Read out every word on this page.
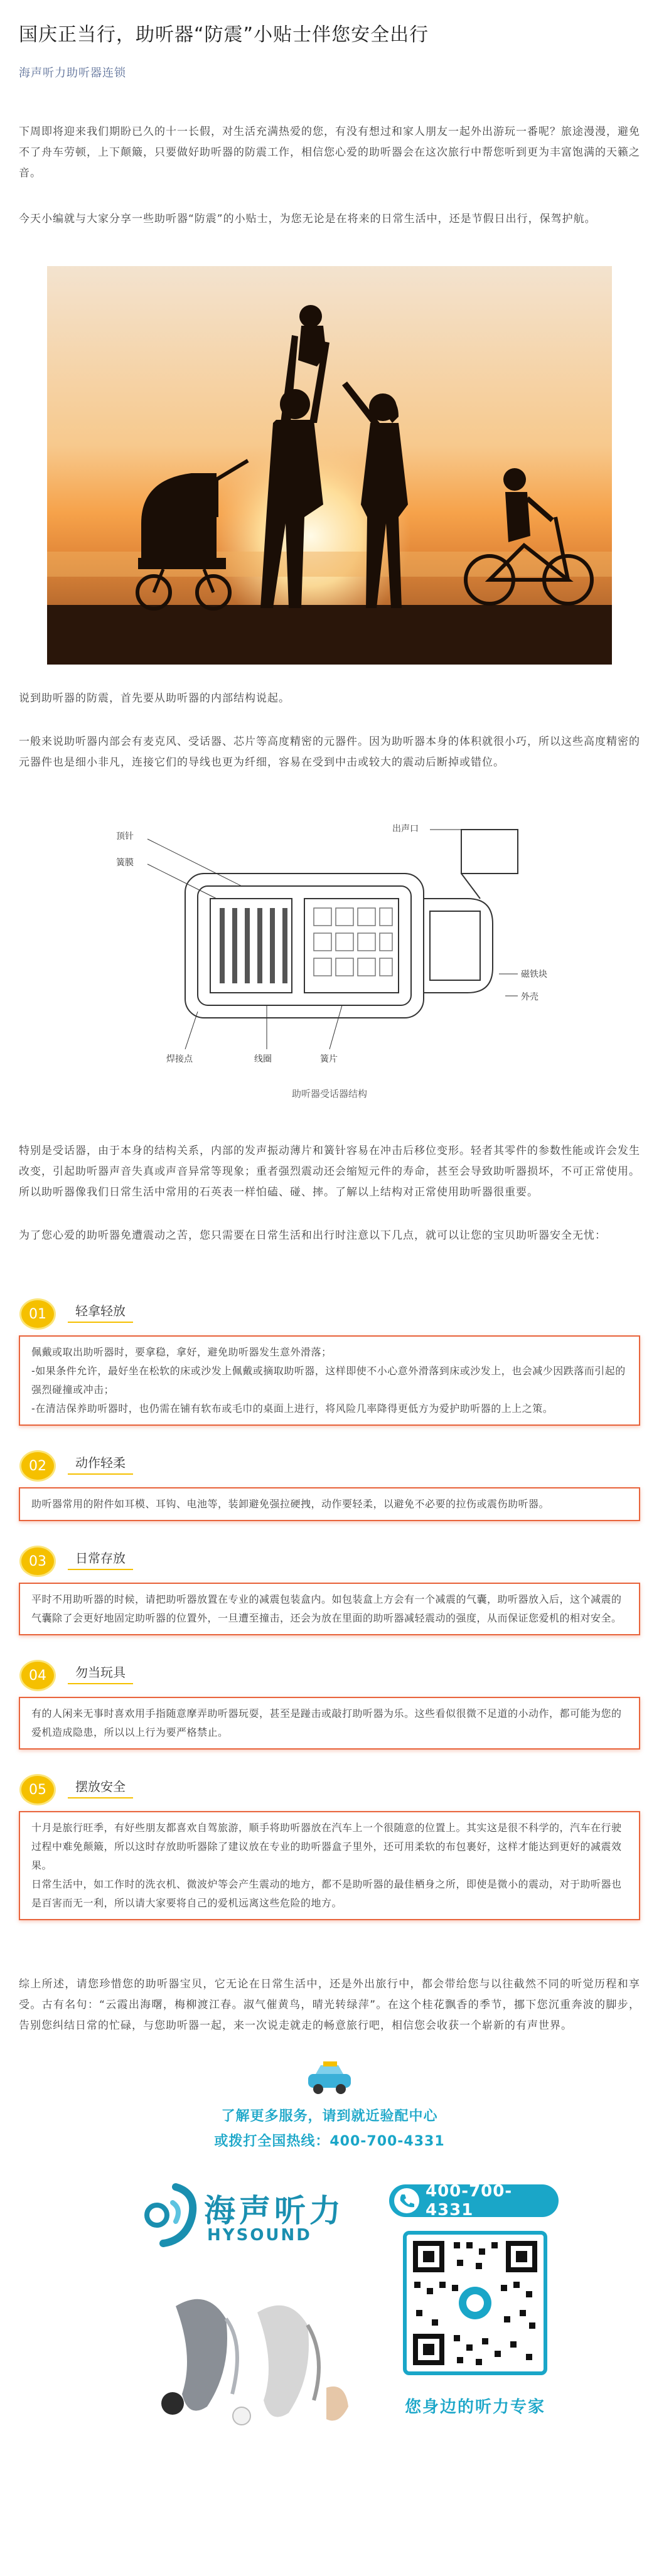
国庆正当行，助听器“防震”小贴士伴您安全出行
海声听力助听器连锁

下周即将迎来我们期盼已久的十一长假，对生活充满热爱的您，有没有想过和家人朋友一起外出游玩一番呢？旅途漫漫，避免不了舟车劳顿，上下颠簸，只要做好助听器的防震工作，相信您心爱的助听器会在这次旅行中帮您听到更为丰富饱满的天籁之音。

今天小编就与大家分享一些助听器“防震”的小贴士，为您无论是在将来的日常生活中，还是节假日出行，保驾护航。

说到助听器的防震，首先要从助听器的内部结构说起。

一般来说助听器内部会有麦克风、受话器、芯片等高度精密的元器件。因为助听器本身的体积就很小巧，所以这些高度精密的元器件也是细小非凡，连接它们的导线也更为纤细，容易在受到中击或较大的震动后断掉或错位。

顶针
簧膜
出声口
磁铁块
外壳
焊接点	线圈	簧片
助听器受话器结构

特别是受话器，由于本身的结构关系，内部的发声振动薄片和簧针容易在冲击后移位变形。轻者其零件的参数性能或许会发生改变，引起助听器声音失真或声音异常等现象；重者强烈震动还会缩短元件的寿命，甚至会导致助听器损坏，不可正常使用。所以助听器像我们日常生活中常用的石英表一样怕磕、碰、摔。了解以上结构对正常使用助听器很重要。

为了您心爱的助听器免遭震动之苦，您只需要在日常生活和出行时注意以下几点，就可以让您的宝贝助听器安全无忧：

01	轻拿轻放
佩戴或取出助听器时，要拿稳，拿好，避免助听器发生意外滑落；
-如果条件允许，最好坐在松软的床或沙发上佩戴或摘取助听器，这样即使不小心意外滑落到床或沙发上，也会减少因跌落而引起的强烈碰撞或冲击；
-在清洁保养助听器时，也仍需在铺有软布或毛巾的桌面上进行，将风险几率降得更低方为爱护助听器的上上之策。
02	动作轻柔
助听器常用的附件如耳模、耳钩、电池等，装卸避免强拉硬拽，动作要轻柔，以避免不必要的拉伤或震伤助听器。
03	日常存放
平时不用助听器的时候，请把助听器放置在专业的减震包装盒内。如包装盒上方会有一个减震的气囊，助听器放入后，这个减震的气囊除了会更好地固定助听器的位置外，一旦遭至撞击，还会为放在里面的助听器减轻震动的强度，从而保证您爱机的相对安全。
04	勿当玩具
有的人闲来无事时喜欢用手指随意摩弄助听器玩耍，甚至是踫击或敲打助听器为乐。这些看似很微不足道的小动作，都可能为您的爱机造成隐患，所以以上行为要严格禁止。
05	摆放安全
十月是旅行旺季，有好些朋友都喜欢自驾旅游，顺手将助听器放在汽车上一个很随意的位置上。其实这是很不科学的，汽车在行驶过程中难免颠簸，所以这时存放助听器除了建议放在专业的助听器盒子里外，还可用柔软的布包裹好，这样才能达到更好的减震效果。
日常生活中，如工作时的洗衣机、微波炉等会产生震动的地方，都不是助听器的最佳栖身之所，即使是微小的震动，对于助听器也是百害而无一利，所以请大家要将自己的爱机远离这些危险的地方。

综上所述，请您珍惜您的助听器宝贝，它无论在日常生活中，还是外出旅行中，都会带给您与以往截然不同的听觉历程和享受。古有名句：“云霞出海曙，梅柳渡江春。淑气催黄鸟，晴光转绿萍”。在这个桂花飘香的季节，挪下您沉重奔波的脚步，告别您纠结日常的忙碌，与您助听器一起，来一次说走就走的畅意旅行吧，相信您会收获一个崭新的有声世界。

了解更多服务，请到就近验配中心
或拨打全国热线：400-700-4331
海声听力
HYSOUND
400-700-4331
您身边的听力专家
